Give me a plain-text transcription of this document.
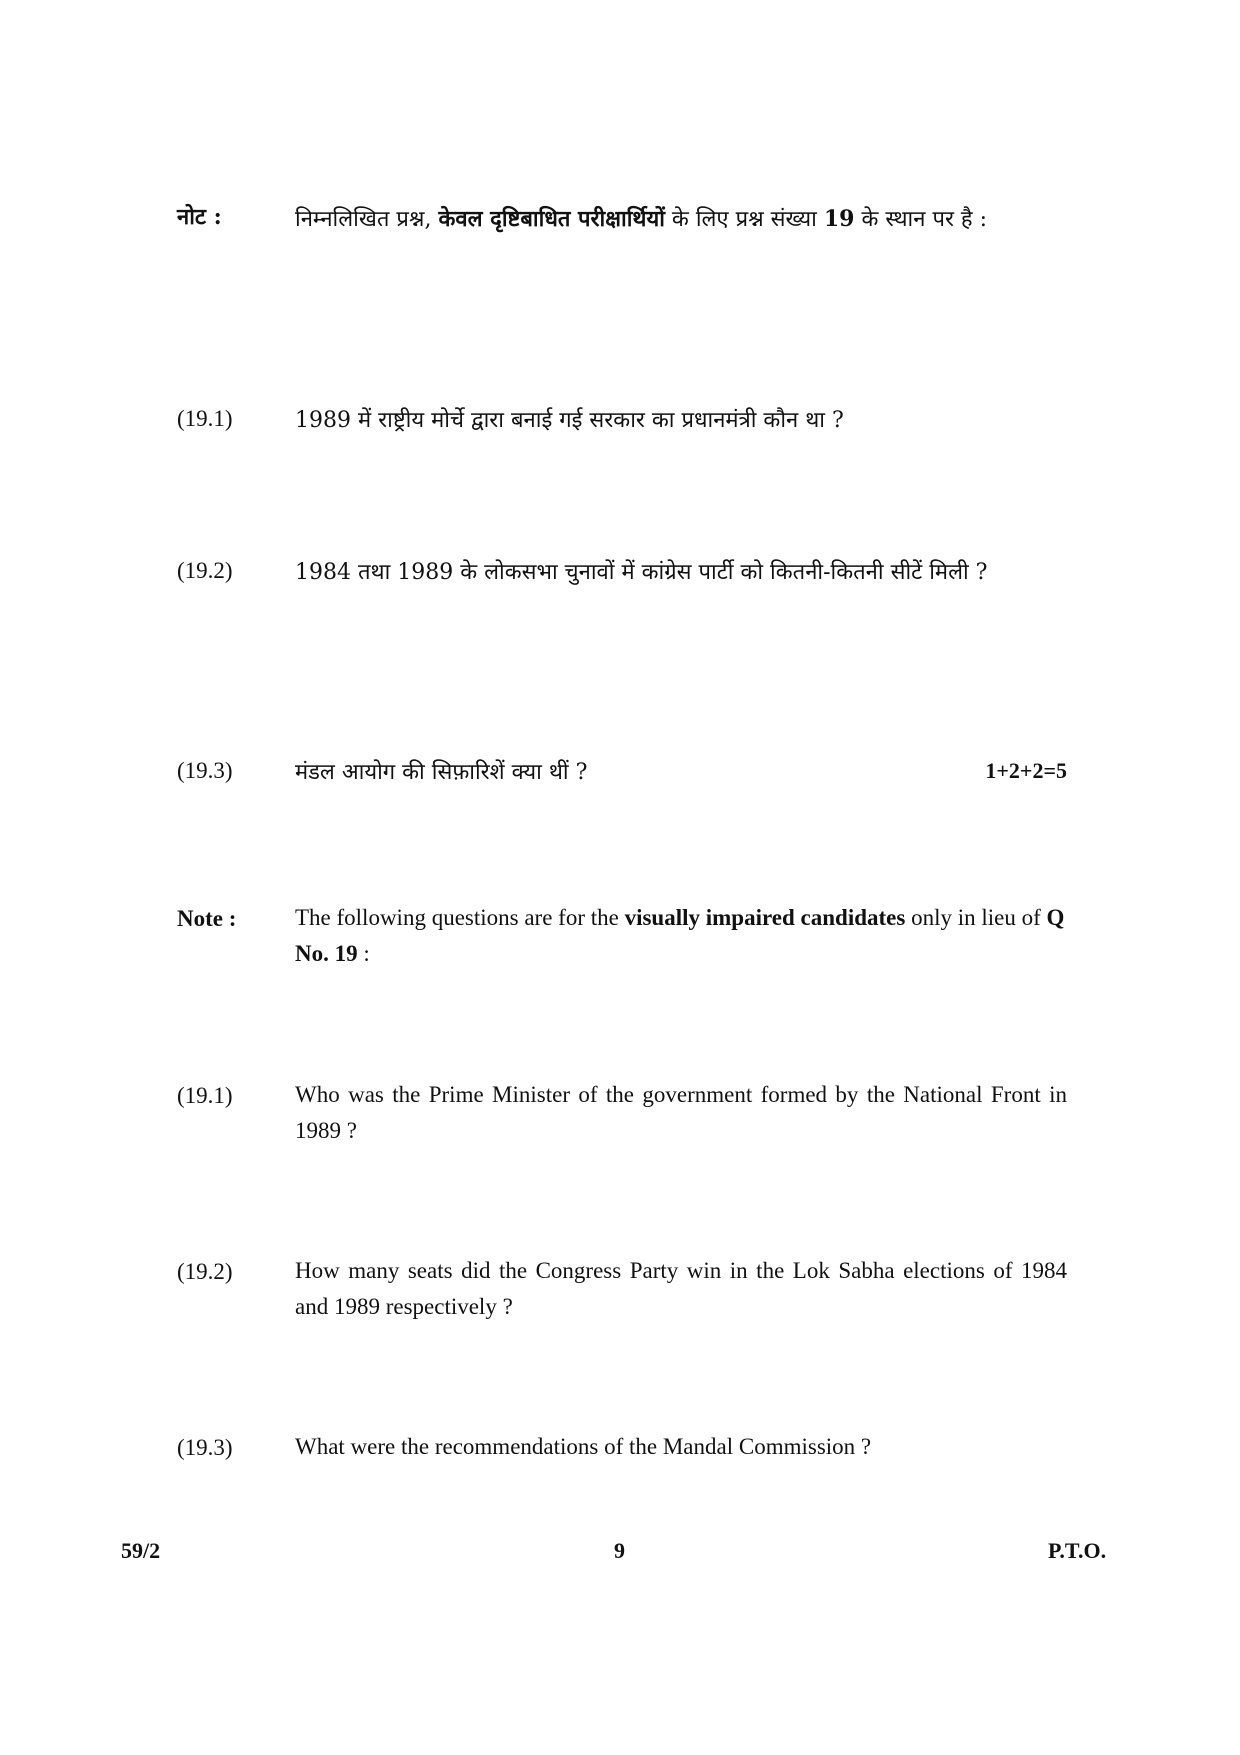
नोट :	निम्नलिखित प्रश्न, केवल दृष्टिबाधित परीक्षार्थियों के लिए प्रश्न संख्या 19 के स्थान पर है :
(19.1)	1989 में राष्ट्रीय मोर्चे द्वारा बनाई गई सरकार का प्रधानमंत्री कौन था ?
(19.2)	1984 तथा 1989 के लोकसभा चुनावों में कांग्रेस पार्टी को कितनी-कितनी सीटें मिली ?
(19.3)	मंडल आयोग की सिफ़ारिशें क्या थीं ?	1+2+2=5
Note :	The following questions are for the visually impaired candidates only in lieu of Q No. 19 :
(19.1)	Who was the Prime Minister of the government formed by the National Front in 1989 ?
(19.2)	How many seats did the Congress Party win in the Lok Sabha elections of 1984 and 1989 respectively ?
(19.3)	What were the recommendations of the Mandal Commission ?
59/2	9	P.T.O.
